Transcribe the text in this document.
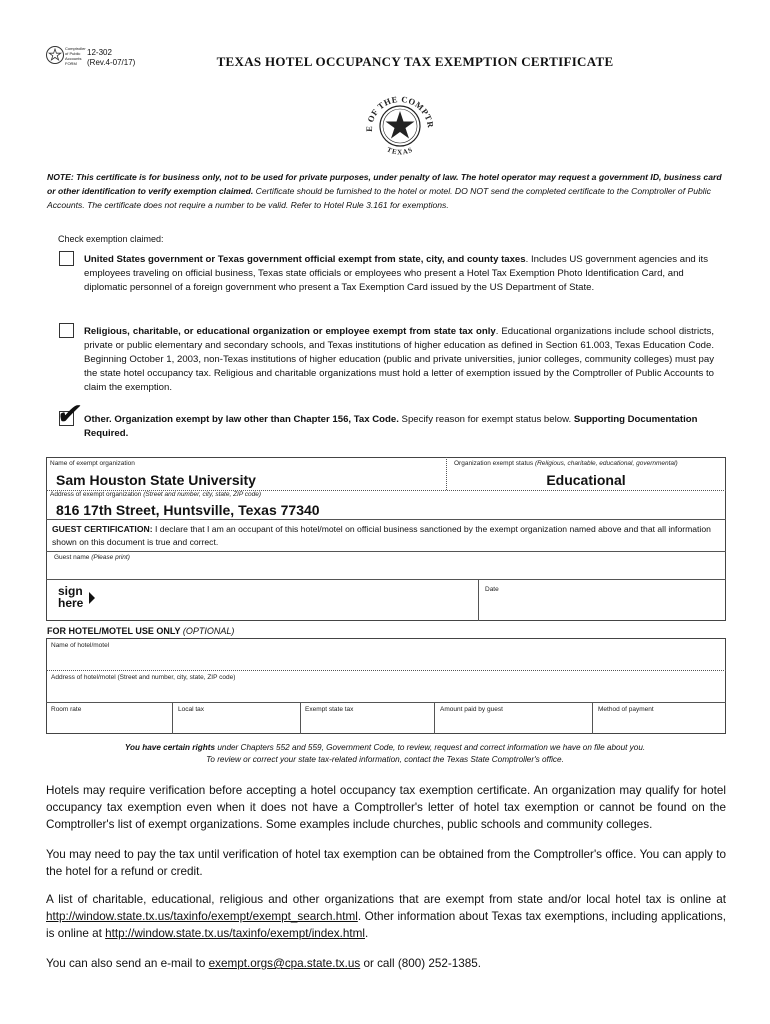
Comptroller of Public Accounts FORM
12-302
(Rev.4-07/17)	TEXAS HOTEL OCCUPANCY TAX EXEMPTION CERTIFICATE
E OF THE COMPTR
TEXAS
NOTE: This certificate is for business only, not to be used for private purposes, under penalty of law. The hotel operator may request a government ID, business card or other identification to verify exemption claimed. Certificate should be furnished to the hotel or motel. DO NOT send the completed certificate to the Comptroller of Public Accounts. The certificate does not require a number to be valid. Refer to Hotel Rule 3.161 for exemptions.
Check exemption claimed:
United States government or Texas government official exempt from state, city, and county taxes. Includes US government agencies and its employees traveling on official business, Texas state officials or employees who present a Hotel Tax Exemption Photo Identification Card, and diplomatic personnel of a foreign government who present a Tax Exemption Card issued by the US Department of State.
Religious, charitable, or educational organization or employee exempt from state tax only. Educational organizations include school districts, private or public elementary and secondary schools, and Texas institutions of higher education as defined in Section 61.003, Texas Education Code. Beginning October 1, 2003, non-Texas institutions of higher education (public and private universities, junior colleges, community colleges) must pay the state hotel occupancy tax. Religious and charitable organizations must hold a letter of exemption issued by the Comptroller of Public Accounts to claim the exemption.
✔
Other. Organization exempt by law other than Chapter 156, Tax Code. Specify reason for exempt status below. Supporting Documentation Required.
Name of exempt organization
Sam Houston State University
Organization exempt status (Religious, charitable, educational, governmental)
Educational
Address of exempt organization (Street and number, city, state, ZIP code)
816 17th Street, Huntsville, Texas 77340
GUEST CERTIFICATION: I declare that I am an occupant of this hotel/motel on official business sanctioned by the exempt organization named above and that all information shown on this document is true and correct.
Guest name (Please print)
sign
here
Date
FOR HOTEL/MOTEL USE ONLY (OPTIONAL)
Name of hotel/motel
Address of hotel/motel (Street and number, city, state, ZIP code)
Room rate	Local tax	Exempt state tax	Amount paid by guest	Method of payment
You have certain rights under Chapters 552 and 559, Government Code, to review, request and correct information we have on file about you.
To review or correct your state tax-related information, contact the Texas State Comptroller's office.
Hotels may require verification before accepting a hotel occupancy tax exemption certificate. An organization may qualify for hotel occupancy tax exemption even when it does not have a Comptroller's letter of hotel tax exemption or cannot be found on the Comptroller's list of exempt organizations. Some examples include churches, public schools and community colleges.
You may need to pay the tax until verification of hotel tax exemption can be obtained from the Comptroller's office. You can apply to the hotel for a refund or credit.
A list of charitable, educational, religious and other organizations that are exempt from state and/or local hotel tax is online at http://window.state.tx.us/taxinfo/exempt/exempt_search.html. Other information about Texas tax exemptions, including applications, is online at http://window.state.tx.us/taxinfo/exempt/index.html.
You can also send an e-mail to exempt.orgs@cpa.state.tx.us or call (800) 252-1385.
